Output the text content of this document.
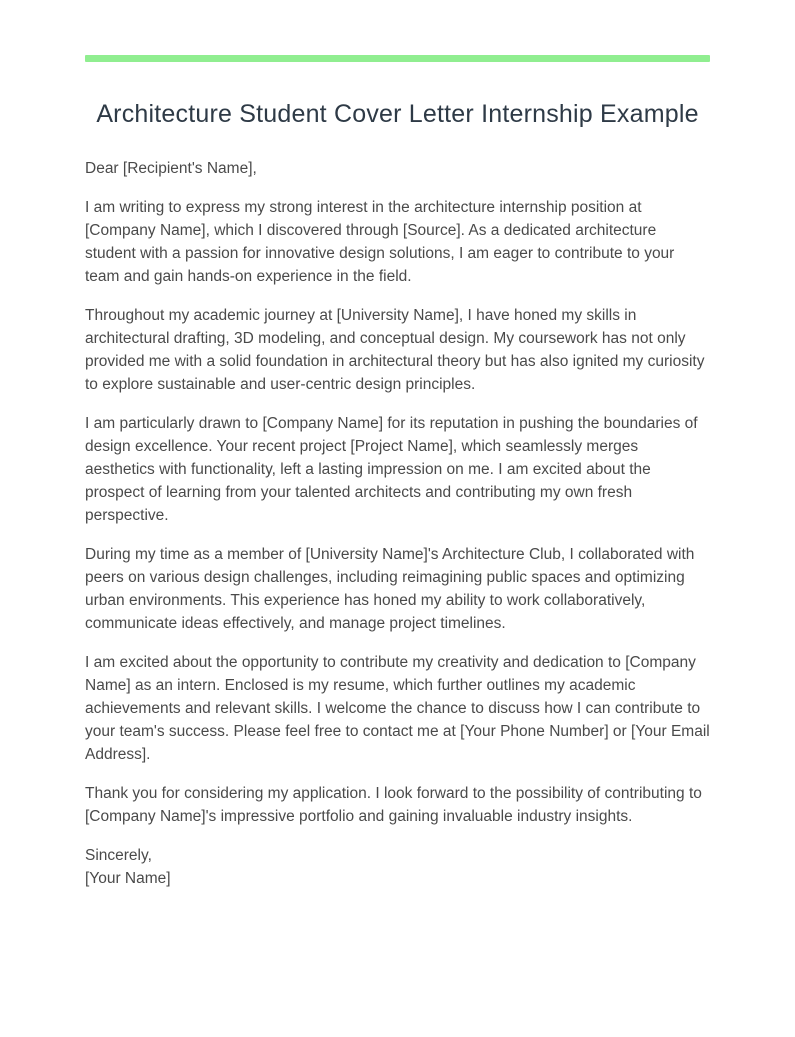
Architecture Student Cover Letter Internship Example

Dear [Recipient's Name],

I am writing to express my strong interest in the architecture internship position at [Company Name], which I discovered through [Source]. As a dedicated architecture student with a passion for innovative design solutions, I am eager to contribute to your team and gain hands-on experience in the field.

Throughout my academic journey at [University Name], I have honed my skills in architectural drafting, 3D modeling, and conceptual design. My coursework has not only provided me with a solid foundation in architectural theory but has also ignited my curiosity to explore sustainable and user-centric design principles.

I am particularly drawn to [Company Name] for its reputation in pushing the boundaries of design excellence. Your recent project [Project Name], which seamlessly merges aesthetics with functionality, left a lasting impression on me. I am excited about the prospect of learning from your talented architects and contributing my own fresh perspective.

During my time as a member of [University Name]'s Architecture Club, I collaborated with peers on various design challenges, including reimagining public spaces and optimizing urban environments. This experience has honed my ability to work collaboratively, communicate ideas effectively, and manage project timelines.

I am excited about the opportunity to contribute my creativity and dedication to [Company Name] as an intern. Enclosed is my resume, which further outlines my academic achievements and relevant skills. I welcome the chance to discuss how I can contribute to your team's success. Please feel free to contact me at [Your Phone Number] or [Your Email Address].

Thank you for considering my application. I look forward to the possibility of contributing to [Company Name]'s impressive portfolio and gaining invaluable industry insights.

Sincerely,
[Your Name]
